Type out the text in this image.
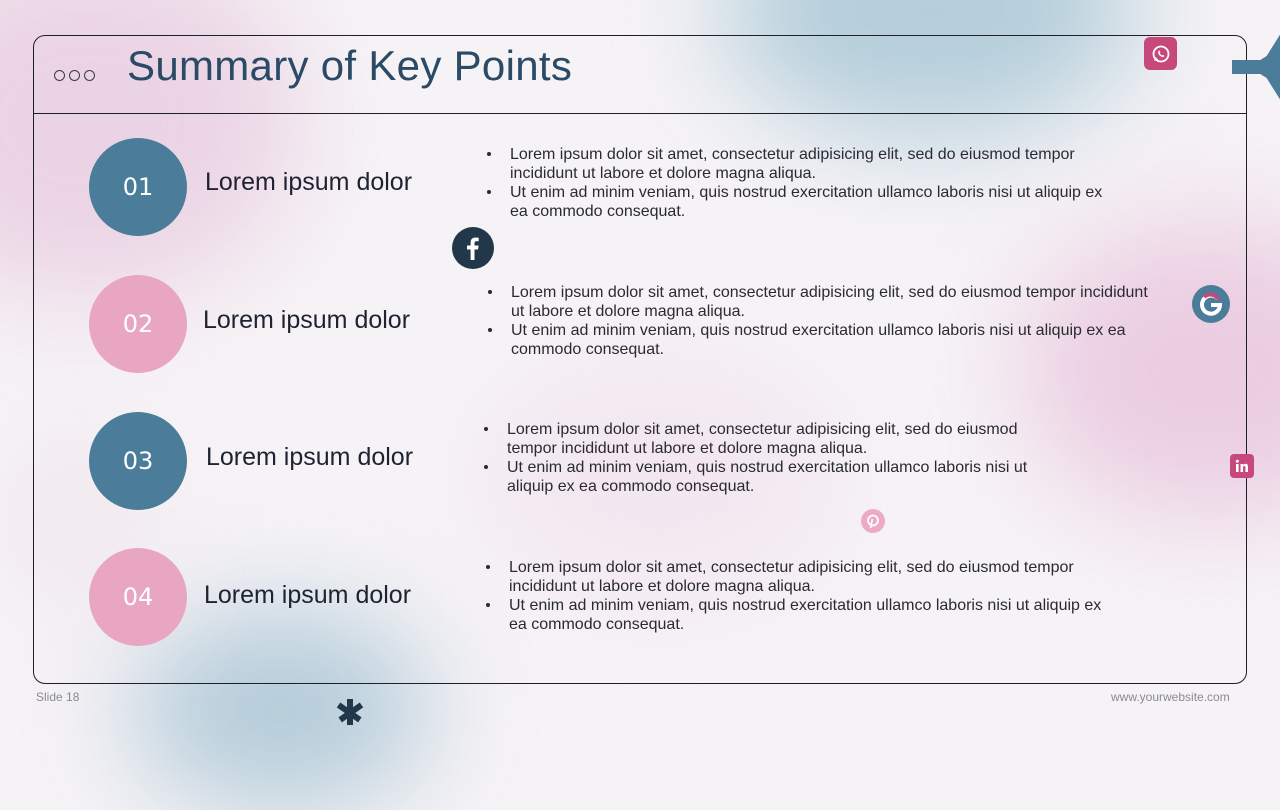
Summary of Key Points
01 Lorem ipsum dolor
Lorem ipsum dolor sit amet, consectetur adipisicing elit, sed do eiusmod tempor incididunt ut labore et dolore magna aliqua.
Ut enim ad minim veniam, quis nostrud exercitation ullamco laboris nisi ut aliquip ex ea commodo consequat.
02 Lorem ipsum dolor
Lorem ipsum dolor sit amet, consectetur adipisicing elit, sed do eiusmod tempor incididunt ut labore et dolore magna aliqua.
Ut enim ad minim veniam, quis nostrud exercitation ullamco laboris nisi ut aliquip ex ea commodo consequat.
03 Lorem ipsum dolor
Lorem ipsum dolor sit amet, consectetur adipisicing elit, sed do eiusmod tempor incididunt ut labore et dolore magna aliqua.
Ut enim ad minim veniam, quis nostrud exercitation ullamco laboris nisi ut aliquip ex ea commodo consequat.
04 Lorem ipsum dolor
Lorem ipsum dolor sit amet, consectetur adipisicing elit, sed do eiusmod tempor incididunt ut labore et dolore magna aliqua.
Ut enim ad minim veniam, quis nostrud exercitation ullamco laboris nisi ut aliquip ex ea commodo consequat.
Slide 18	www.yourwebsite.com
